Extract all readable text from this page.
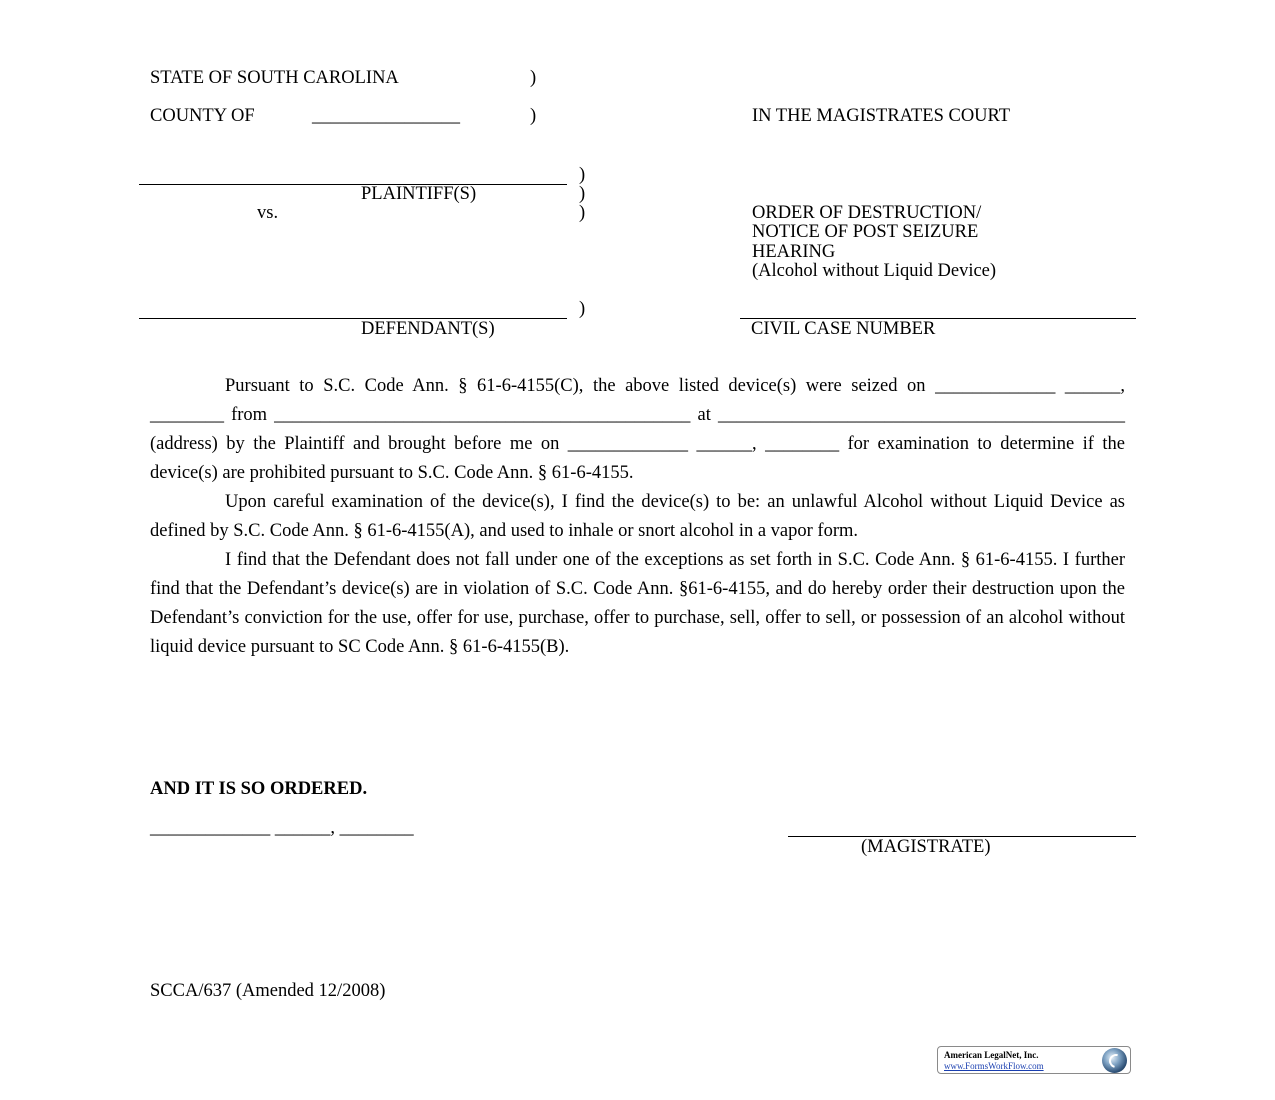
STATE OF SOUTH CAROLINA	)
COUNTY OF	________________	)	IN THE MAGISTRATES COURT
)
PLAINTIFF(S)	)
vs.	)	ORDER OF DESTRUCTION/
NOTICE OF POST SEIZURE
HEARING
(Alcohol without Liquid Device)
)
DEFENDANT(S)	CIVIL CASE NUMBER

Pursuant to S.C. Code Ann. § 61-6-4155(C), the above listed device(s) were seized on _____________ ______, ________ from _____________________________________________ at ____________________________________________ (address) by the Plaintiff and brought before me on _____________ ______, ________ for examination to determine if the device(s) are prohibited pursuant to S.C. Code Ann. § 61-6-4155.

Upon careful examination of the device(s), I find the device(s) to be: an unlawful Alcohol without Liquid Device as defined by S.C. Code Ann. § 61-6-4155(A), and used to inhale or snort alcohol in a vapor form.

I find that the Defendant does not fall under one of the exceptions as set forth in S.C. Code Ann. § 61-6-4155. I further find that the Defendant’s device(s) are in violation of S.C. Code Ann. §61-6-4155, and do hereby order their destruction upon the Defendant’s conviction for the use, offer for use, purchase, offer to purchase, sell, offer to sell, or possession of an alcohol without liquid device pursuant to SC Code Ann. § 61-6-4155(B).

AND IT IS SO ORDERED.
_____________ ______, ________
(MAGISTRATE)
SCCA/637 (Amended 12/2008)
American LegalNet, Inc.
www.FormsWorkFlow.com
